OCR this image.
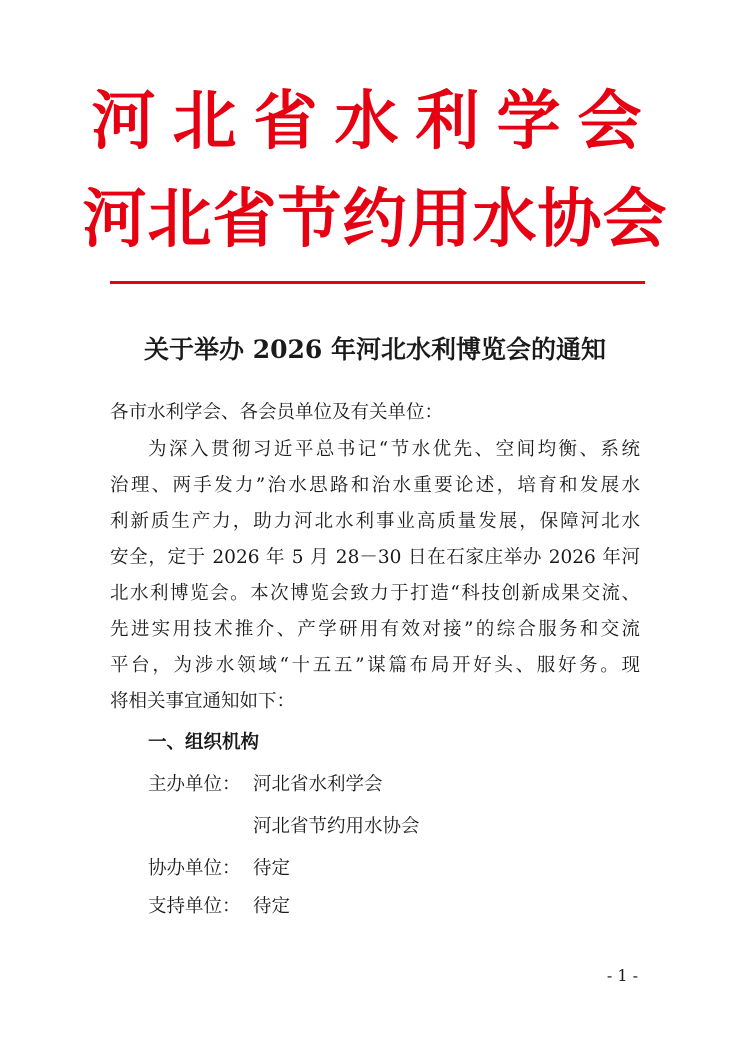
河北省水利学会
河北省节约用水协会
关于举办 2026 年河北水利博览会的通知
各市水利学会、各会员单位及有关单位：
为深入贯彻习近平总书记“节水优先、空间均衡、系统
治理、两手发力”治水思路和治水重要论述，培育和发展水
利新质生产力，助力河北水利事业高质量发展，保障河北水
安全，定于 2026 年 5 月 28－30 日在石家庄举办 2026 年河
北水利博览会。本次博览会致力于打造“科技创新成果交流、
先进实用技术推介、产学研用有效对接”的综合服务和交流
平台，为涉水领域“十五五”谋篇布局开好头、服好务。现
将相关事宜通知如下：
一、组织机构
主办单位： 河北省水利学会
河北省节约用水协会
协办单位： 待定
支持单位： 待定
- 1 -
